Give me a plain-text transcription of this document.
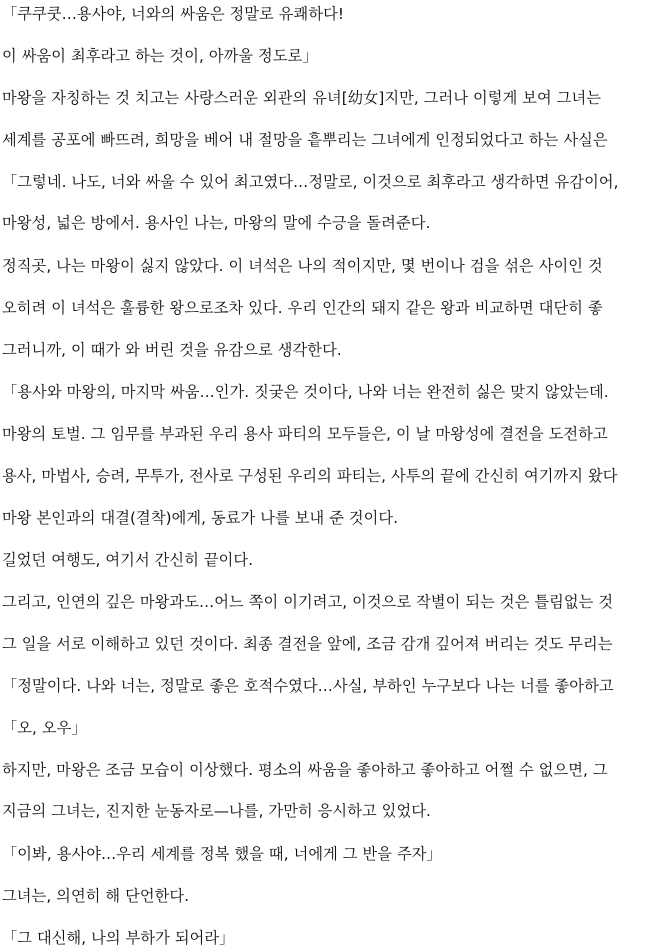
「쿠쿠쿳…용사야, 너와의 싸움은 정말로 유쾌하다!
이 싸움이 최후라고 하는 것이, 아까울 정도로」
마왕을 자칭하는 것 치고는 사랑스러운 외관의 유녀[幼女]지만, 그러나 이렇게 보여 그녀는
세계를 공포에 빠뜨려, 희망을 베어 내 절망을 흩뿌리는 그녀에게 인정되었다고 하는 사실은
「그렇네. 나도, 너와 싸울 수 있어 최고였다…정말로, 이것으로 최후라고 생각하면 유감이어,
마왕성, 넓은 방에서. 용사인 나는, 마왕의 말에 수긍을 돌려준다.
정직곳, 나는 마왕이 싫지 않았다. 이 녀석은 나의 적이지만, 몇 번이나 검을 섞은 사이인 것
오히려 이 녀석은 훌륭한 왕으로조차 있다. 우리 인간의 돼지 같은 왕과 비교하면 대단히 좋
그러니까, 이 때가 와 버린 것을 유감으로 생각한다.
「용사와 마왕의, 마지막 싸움…인가. 짓궂은 것이다, 나와 너는 완전히 싫은 맞지 않았는데.
마왕의 토벌. 그 임무를 부과된 우리 용사 파티의 모두들은, 이 날 마왕성에 결전을 도전하고
용사, 마법사, 승려, 무투가, 전사로 구성된 우리의 파티는, 사투의 끝에 간신히 여기까지 왔다
마왕 본인과의 대결(결착)에게, 동료가 나를 보내 준 것이다.
길었던 여행도, 여기서 간신히 끝이다.
그리고, 인연의 깊은 마왕과도…어느 쪽이 이기려고, 이것으로 작별이 되는 것은 틀림없는 것
그 일을 서로 이해하고 있던 것이다. 최종 결전을 앞에, 조금 감개 깊어져 버리는 것도 무리는
「정말이다. 나와 너는, 정말로 좋은 호적수였다…사실, 부하인 누구보다 나는 너를 좋아하고
「오, 오우」
하지만, 마왕은 조금 모습이 이상했다. 평소의 싸움을 좋아하고 좋아하고 어쩔 수 없으면, 그
지금의 그녀는, 진지한 눈동자로—나를, 가만히 응시하고 있었다.
「이봐, 용사야…우리 세계를 정복 했을 때, 너에게 그 반을 주자」
그녀는, 의연히 해 단언한다.
「그 대신해, 나의 부하가 되어라」
